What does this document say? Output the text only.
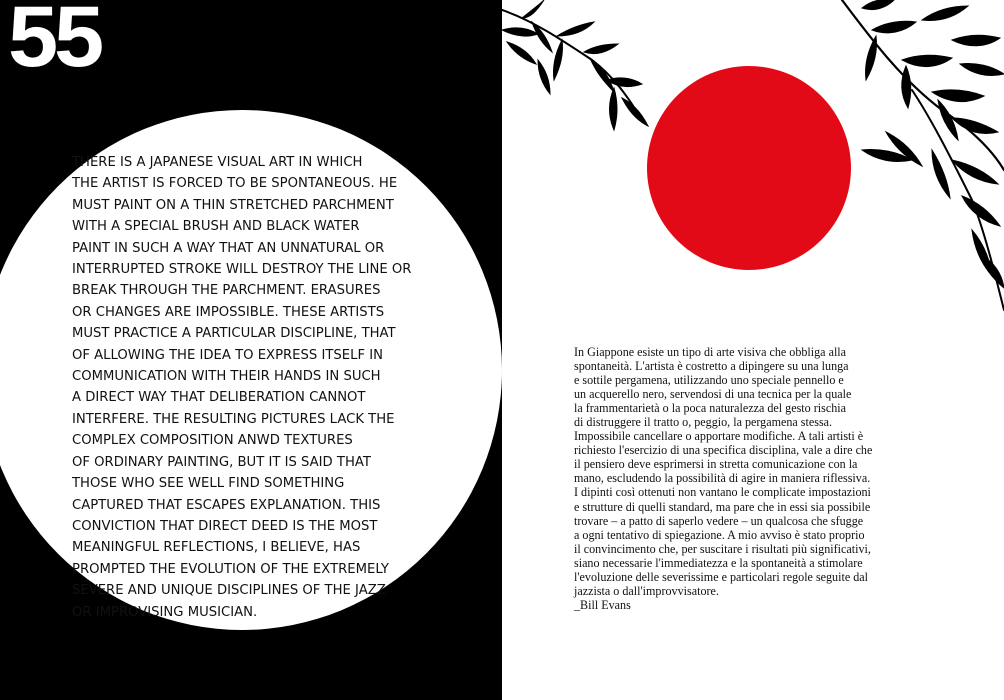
55

THERE IS A JAPANESE VISUAL ART IN WHICH
THE ARTIST IS FORCED TO BE SPONTANEOUS. HE
MUST PAINT ON A THIN STRETCHED PARCHMENT
WITH A SPECIAL BRUSH AND BLACK WATER
PAINT IN SUCH A WAY THAT AN UNNATURAL OR
INTERRUPTED STROKE WILL DESTROY THE LINE OR
BREAK THROUGH THE PARCHMENT. ERASURES
OR CHANGES ARE IMPOSSIBLE. THESE ARTISTS
MUST PRACTICE A PARTICULAR DISCIPLINE, THAT
OF ALLOWING THE IDEA TO EXPRESS ITSELF IN
COMMUNICATION WITH THEIR HANDS IN SUCH
A DIRECT WAY THAT DELIBERATION CANNOT
INTERFERE. THE RESULTING PICTURES LACK THE
COMPLEX COMPOSITION ANWD TEXTURES
OF ORDINARY PAINTING, BUT IT IS SAID THAT
THOSE WHO SEE WELL FIND SOMETHING
CAPTURED THAT ESCAPES EXPLANATION. THIS
CONVICTION THAT DIRECT DEED IS THE MOST
MEANINGFUL REFLECTIONS, I BELIEVE, HAS
PROMPTED THE EVOLUTION OF THE EXTREMELY
SEVERE AND UNIQUE DISCIPLINES OF THE JAZZ
OR IMPROVISING MUSICIAN.

In Giappone esiste un tipo di arte visiva che obbliga alla
spontaneità. L'artista è costretto a dipingere su una lunga
e sottile pergamena, utilizzando uno speciale pennello e
un acquerello nero, servendosi di una tecnica per la quale
la frammentarietà o la poca naturalezza del gesto rischia
di distruggere il tratto o, peggio, la pergamena stessa.
Impossibile cancellare o apportare modifiche. A tali artisti è
richiesto l'esercizio di una specifica disciplina, vale a dire che
il pensiero deve esprimersi in stretta comunicazione con la
mano, escludendo la possibilità di agire in maniera riflessiva.
I dipinti così ottenuti non vantano le complicate impostazioni
e strutture di quelli standard, ma pare che in essi sia possibile
trovare – a patto di saperlo vedere – un qualcosa che sfugge
a ogni tentativo di spiegazione. A mio avviso è stato proprio
il convincimento che, per suscitare i risultati più significativi,
siano necessarie l'immediatezza e la spontaneità a stimolare
l'evoluzione delle severissime e particolari regole seguite dal
jazzista o dall'improvvisatore.

_Bill Evans
